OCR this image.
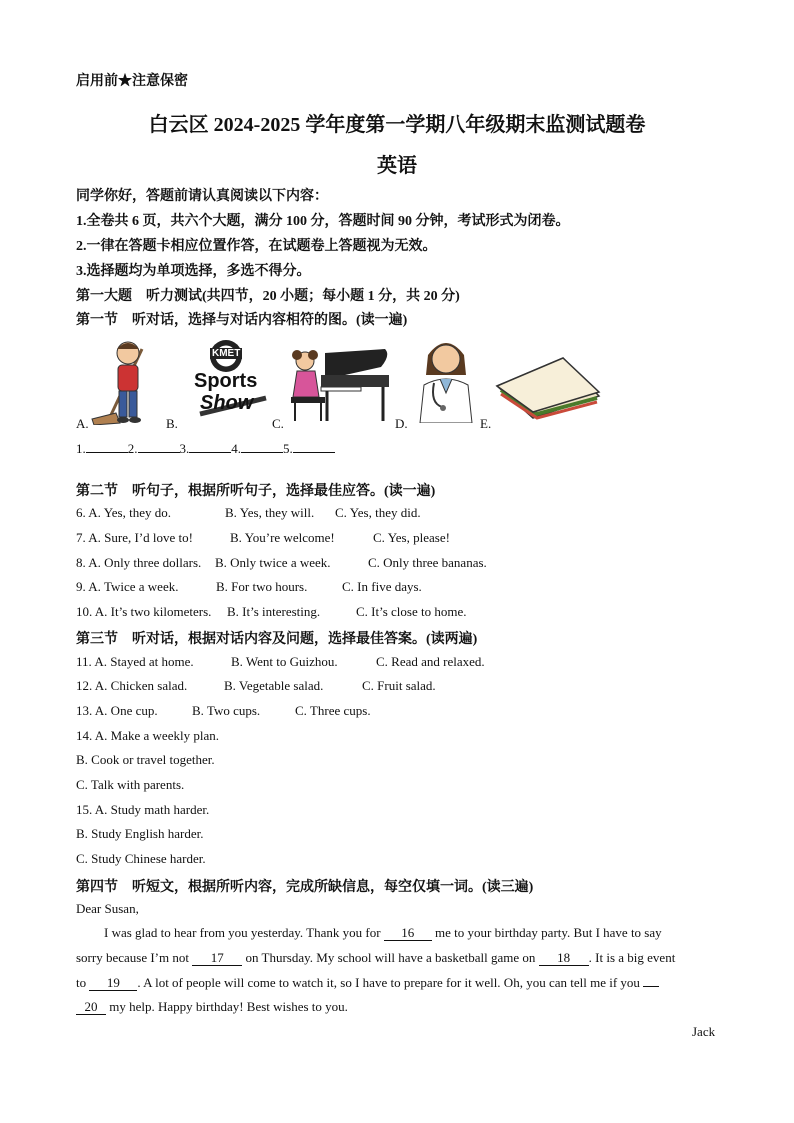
启用前★注意保密
白云区 2024-2025 学年度第一学期八年级期末监测试题卷
英语
同学你好，答题前请认真阅读以下内容：
1.全卷共 6 页，共六个大题，满分 100 分，答题时间 90 分钟，考试形式为闭卷。
2.一律在答题卡相应位置作答，在试题卷上答题视为无效。
3.选择题均为单项选择，多选不得分。
第一大题　听力测试(共四节，20 小题；每小题 1 分，共 20 分)
第一节　听对话，选择与对话内容相符的图。(读一遍)
A.	B.
KMET
Sports
Show
C.	D.	E.
1.	2.	3.	4.	5.
第二节　听句子，根据所听句子，选择最佳应答。(读一遍)
6. A. Yes, they do.	B. Yes, they will. C. Yes, they did.
7. A. Sure, I’d love to!	B. You’re welcome!	C. Yes, please!
8. A. Only three dollars. B. Only twice a week.	C. Only three bananas.
9. A. Twice a week.	B. For two hours.	C. In five days.
10. A. It’s two kilometers. B. It’s interesting.	C. It’s close to home.
第三节　听对话，根据对话内容及问题，选择最佳答案。(读两遍)
11. A. Stayed at home.	B. Went to Guizhou.	C. Read and relaxed.
12. A. Chicken salad.	B. Vegetable salad.	C. Fruit salad.
13. A. One cup.	B. Two cups.	C. Three cups.
14. A. Make a weekly plan.
B. Cook or travel together.
C. Talk with parents.
15. A. Study math harder.
B. Study English harder.
C. Study Chinese harder.
第四节　听短文，根据所听内容，完成所缺信息，每空仅填一词。(读三遍)
Dear Susan,
I was glad to hear from you yesterday. Thank you for 16 me to your birthday party. But I have to say
sorry because I’m not 17 on Thursday. My school will have a basketball game on 18 . It is a big event
to 19 . A lot of people will come to watch it, so I have to prepare for it well. Oh, you can tell me if you
20 my help. Happy birthday! Best wishes to you.
Jack
